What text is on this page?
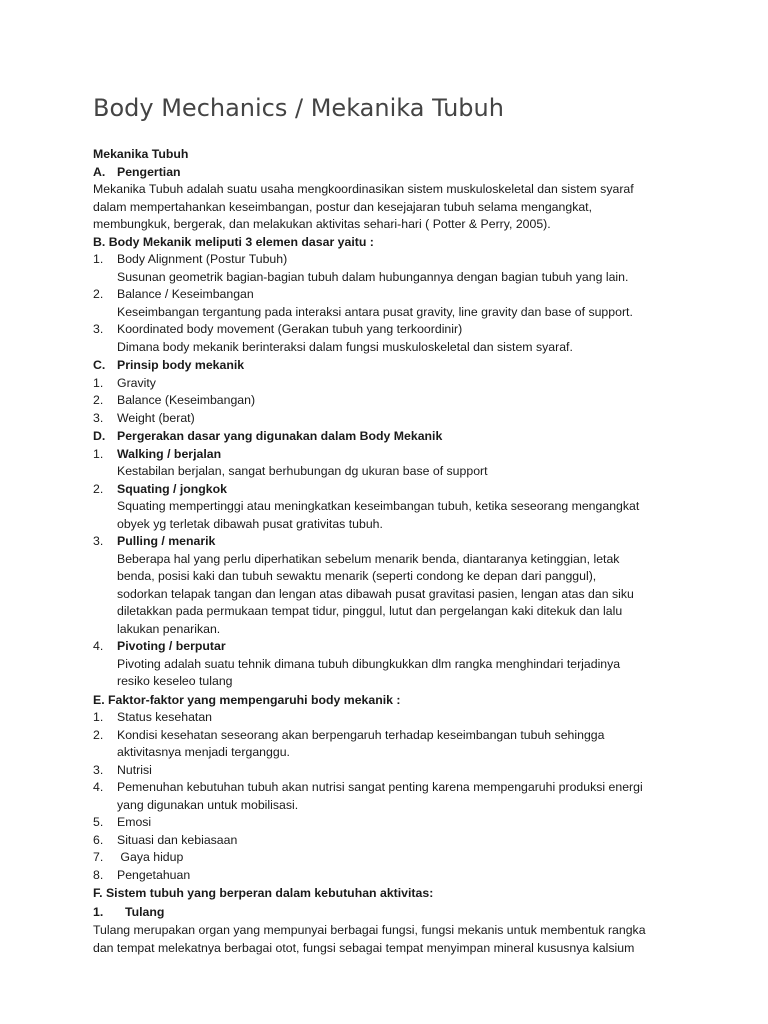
Body Mechanics / Mekanika Tubuh
Mekanika Tubuh
A. Pengertian
Mekanika Tubuh adalah suatu usaha mengkoordinasikan sistem muskuloskeletal dan sistem syaraf
dalam mempertahankan keseimbangan, postur dan kesejajaran tubuh selama mengangkat,
membungkuk, bergerak, dan melakukan aktivitas sehari-hari ( Potter & Perry, 2005).
B. Body Mekanik meliputi 3 elemen dasar yaitu :
1.	Body Alignment (Postur Tubuh)
Susunan geometrik bagian-bagian tubuh dalam hubungannya dengan bagian tubuh yang lain.
2.	Balance / Keseimbangan
Keseimbangan tergantung pada interaksi antara pusat gravity, line gravity dan base of support.
3.	Koordinated body movement (Gerakan tubuh yang terkoordinir)
Dimana body mekanik berinteraksi dalam fungsi muskuloskeletal dan sistem syaraf.
C. Prinsip body mekanik
1.	Gravity
2.	Balance (Keseimbangan)
3.	Weight (berat)
D. Pergerakan dasar yang digunakan dalam Body Mekanik
1.	Walking / berjalan
Kestabilan berjalan, sangat berhubungan dg ukuran base of support
2.	Squating / jongkok
Squating mempertinggi atau meningkatkan keseimbangan tubuh, ketika seseorang mengangkat
obyek yg terletak dibawah pusat grativitas tubuh.
3.	Pulling / menarik
Beberapa hal yang perlu diperhatikan sebelum menarik benda, diantaranya ketinggian, letak
benda, posisi kaki dan tubuh sewaktu menarik (seperti condong ke depan dari panggul),
sodorkan telapak tangan dan lengan atas dibawah pusat gravitasi pasien, lengan atas dan siku
diletakkan pada permukaan tempat tidur, pinggul, lutut dan pergelangan kaki ditekuk dan lalu
lakukan penarikan.
4.	Pivoting / berputar
Pivoting adalah suatu tehnik dimana tubuh dibungkukkan dlm rangka menghindari terjadinya
resiko keseleo tulang
E. Faktor-faktor yang mempengaruhi body mekanik :
1.	Status kesehatan
2.	Kondisi kesehatan seseorang akan berpengaruh terhadap keseimbangan tubuh sehingga
aktivitasnya menjadi terganggu.
3.	Nutrisi
4.	Pemenuhan kebutuhan tubuh akan nutrisi sangat penting karena mempengaruhi produksi energi
yang digunakan untuk mobilisasi.
5.	Emosi
6.	Situasi dan kebiasaan
7.	Gaya hidup
8.	Pengetahuan
F. Sistem tubuh yang berperan dalam kebutuhan aktivitas:
1.	Tulang
Tulang merupakan organ yang mempunyai berbagai fungsi, fungsi mekanis untuk membentuk rangka
dan tempat melekatnya berbagai otot, fungsi sebagai tempat menyimpan mineral kususnya kalsium
